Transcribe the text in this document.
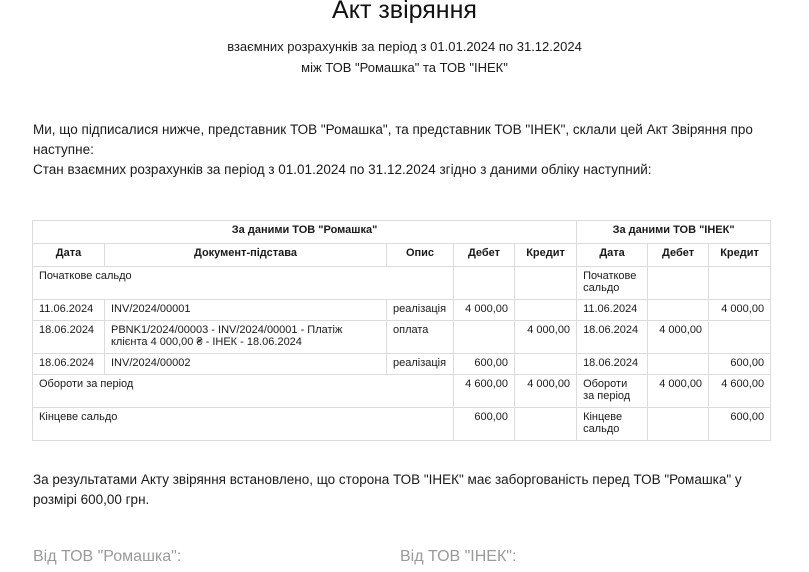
Акт звіряння
взаємних розрахунків за період з 01.01.2024 по 31.12.2024
між ТОВ "Ромашка" та ТОВ "ІНЕК"
Ми, що підписалися нижче, представник ТОВ "Ромашка", та представник ТОВ "ІНЕК", склали цей Акт Звіряння про
наступне:
Стан взаємних розрахунків за період з 01.01.2024 по 31.12.2024 згідно з даними обліку наступний:
За даними ТОВ "Ромашка"					За даними ТОВ "ІНЕК"		
Дата	Документ-підстава	Опис	Дебет	Кредит	Дата	Дебет	Кредит
Початкове сальдо					Початкове сальдо		
11.06.2024	INV/2024/00001	реалізація	4 000,00		11.06.2024		4 000,00
18.06.2024	PBNK1/2024/00003 - INV/2024/00001 - Платіж клієнта 4 000,00 ₴ - ІНЕК - 18.06.2024	оплата		4 000,00	18.06.2024	4 000,00	
18.06.2024	INV/2024/00002	реалізація	600,00		18.06.2024		600,00
Обороти за період			4 600,00	4 000,00	Обороти за період	4 000,00	4 600,00
Кінцеве сальдо			600,00		Кінцеве сальдо		600,00
За результатами Акту звіряння встановлено, що сторона ТОВ "ІНЕК" має заборгованість перед ТОВ "Ромашка" у
розмірі 600,00 грн.
Від ТОВ "Ромашка":	Від ТОВ "ІНЕК":
